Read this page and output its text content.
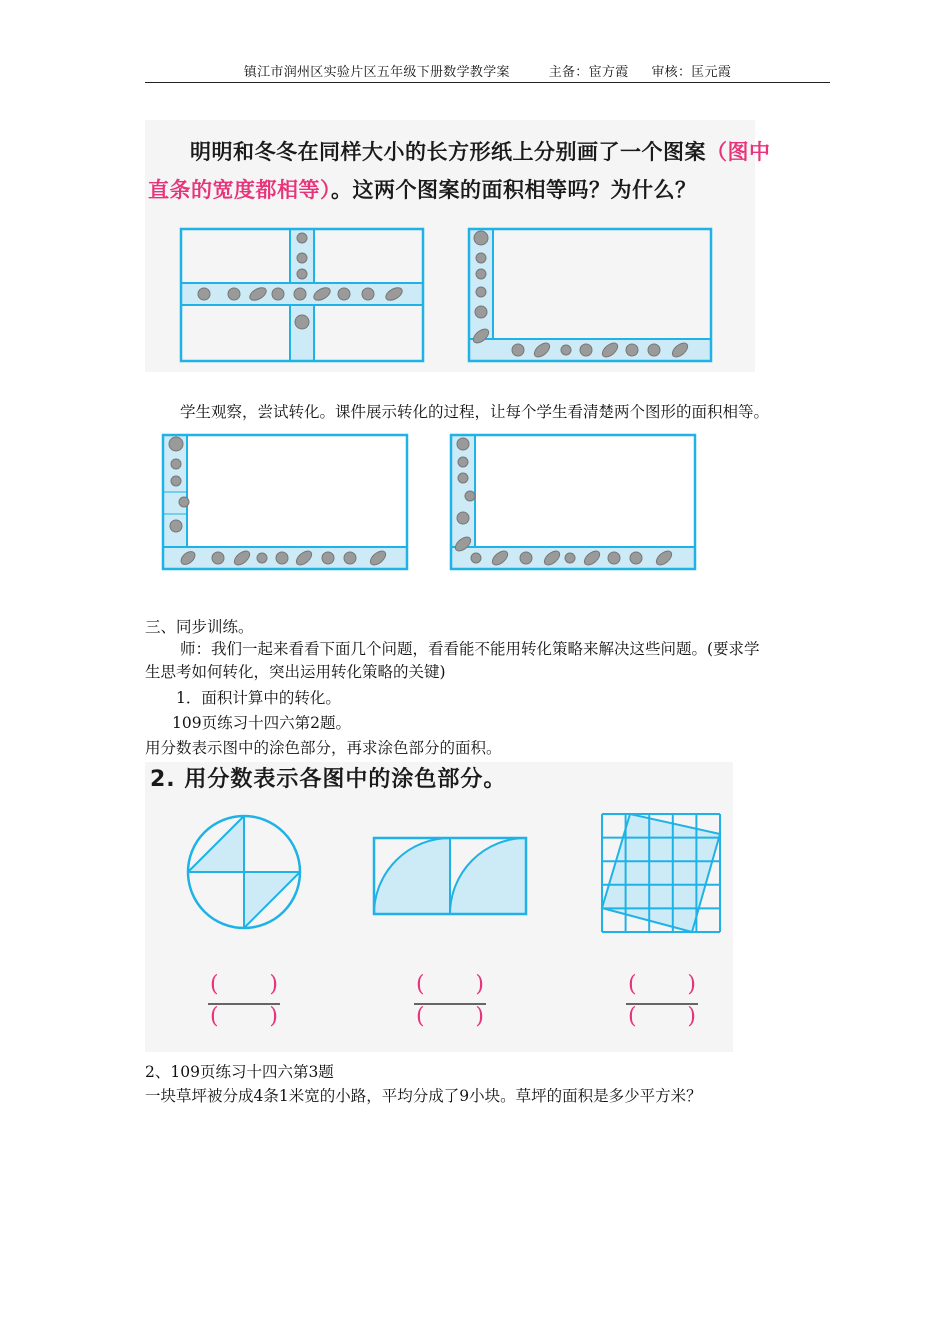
镇江市润州区实验片区五年级下册数学教学案	主备：宦方霞 审核：匡元霞
明明和冬冬在同样大小的长方形纸上分别画了一个图案（图中
直条的宽度都相等）。这两个图案的面积相等吗？为什么？
学生观察，尝试转化。课件展示转化的过程，让每个学生看清楚两个图形的面积相等。
三、同步训练。
师：我们一起来看看下面几个问题，看看能不能用转化策略来解决这些问题。(要求学
生思考如何转化，突出运用转化策略的关键)
1．面积计算中的转化。
109页练习十四六第2题。
用分数表示图中的涂色部分，再求涂色部分的面积。
2. 用分数表示各图中的涂色部分。
( )
( )
( )
( )
( )
( )
2、109页练习十四六第3题
一块草坪被分成4条1米宽的小路，平均分成了9小块。草坪的面积是多少平方米？
